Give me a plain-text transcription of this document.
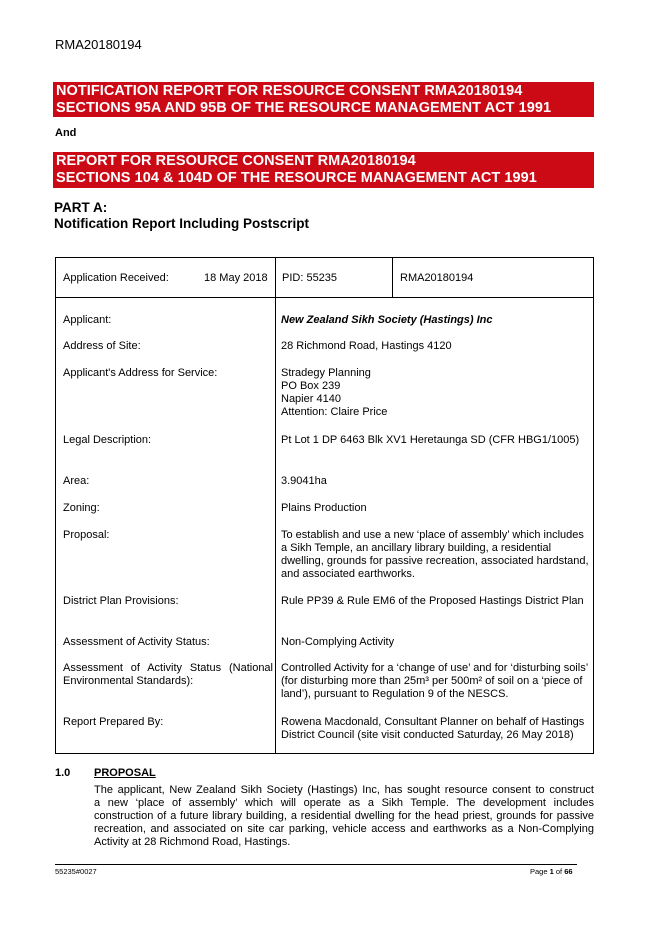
RMA20180194
NOTIFICATION REPORT FOR RESOURCE CONSENT RMA20180194
SECTIONS 95A AND 95B OF THE RESOURCE MANAGEMENT ACT 1991
And
REPORT FOR RESOURCE CONSENT RMA20180194
SECTIONS 104 & 104D OF THE RESOURCE MANAGEMENT ACT 1991
PART A:
Notification Report Including Postscript
Application Received:	18 May 2018 PID: 55235	RMA20180194
Applicant:	New Zealand Sikh Society (Hastings) Inc
Address of Site:	28 Richmond Road, Hastings 4120
Applicant's Address for Service:	Stradegy Planning
PO Box 239
Napier 4140
Attention: Claire Price
Legal Description:	Pt Lot 1 DP 6463 Blk XV1 Heretaunga SD (CFR HBG1/1005)
Area:	3.9041ha
Zoning:	Plains Production
Proposal:	To establish and use a new ‘place of assembly’ which includes
a Sikh Temple, an ancillary library building, a residential
dwelling, grounds for passive recreation, associated hardstand,
and associated earthworks.
District Plan Provisions:	Rule PP39 & Rule EM6 of the Proposed Hastings District Plan
Assessment of Activity Status:	Non-Complying Activity
Assessment of Activity Status (National
Environmental Standards):
Controlled Activity for a ‘change of use’ and for ‘disturbing soils’
(for disturbing more than 25m³ per 500m² of soil on a ‘piece of
land’), pursuant to Regulation 9 of the NESCS.
Report Prepared By:	Rowena Macdonald, Consultant Planner on behalf of Hastings
District Council (site visit conducted Saturday, 26 May 2018)
1.0 PROPOSAL
The applicant, New Zealand Sikh Society (Hastings) Inc, has sought resource consent to construct
a new ‘place of assembly’ which will operate as a Sikh Temple. The development includes
construction of a future library building, a residential dwelling for the head priest, grounds for passive
recreation, and associated on site car parking, vehicle access and earthworks as a Non-Complying
Activity at 28 Richmond Road, Hastings.
55235#0027	Page 1 of 66
